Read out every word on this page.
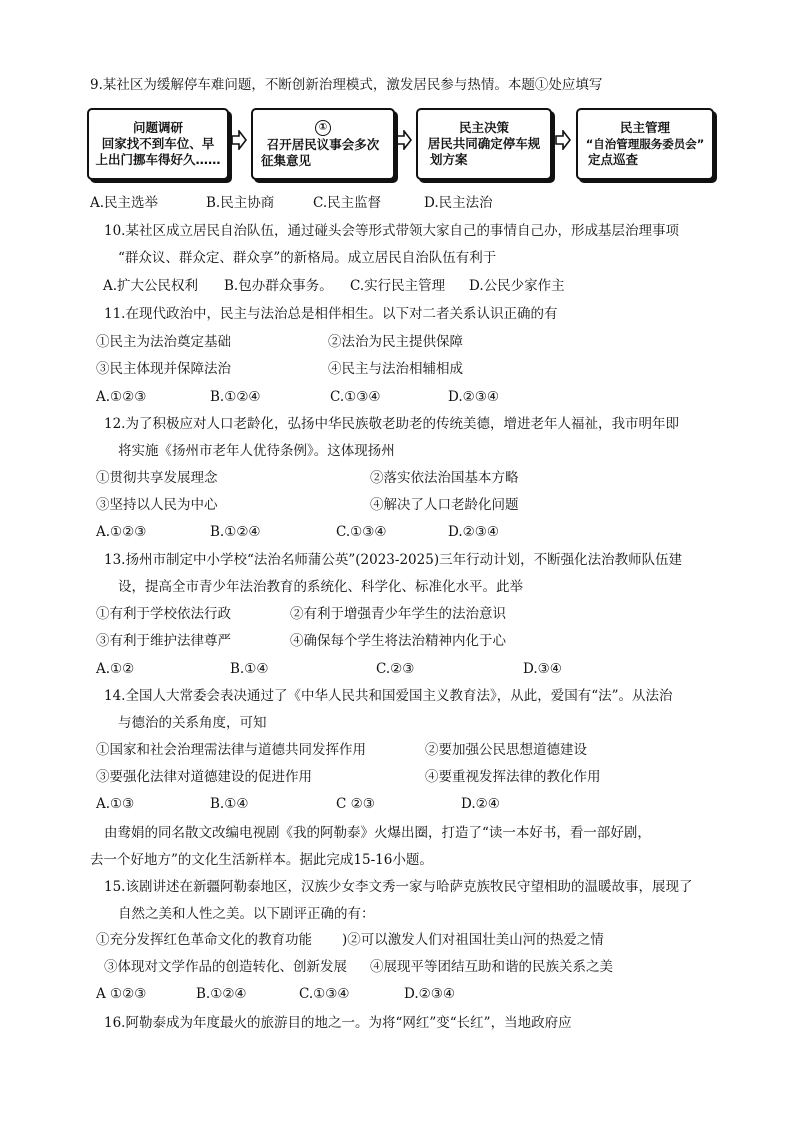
9.某社区为缓解停车难问题，不断创新治理模式，激发居民参与热情。本题①处应填写
问题调研
回家找不到车位、早
上出门挪车得好久……
①
召开居民议事会多次
征集意见
民主决策
居民共同确定停车规
划方案
民主管理
“自治管理服务委员会”
定点巡查
A.民主选举	B.民主协商	C.民主监督	D.民主法治
10.某社区成立居民自治队伍，通过碰头会等形式带领大家自己的事情自己办，形成基层治理事项
“群众议、群众定、群众享”的新格局。成立居民自治队伍有利于
A.扩大公民权利 B.包办群众事务。 C.实行民主管理 D.公民少家作主
11.在现代政治中，民主与法治总是相伴相生。以下对二者关系认识正确的有
①民主为法治奠定基础	②法治为民主提供保障
③民主体现并保障法治	④民主与法治相辅相成
A.①②③	B.①②④	C.①③④	D.②③④
12.为了积极应对人口老龄化，弘扬中华民族敬老助老的传统美德，增进老年人福祉，我市明年即
将实施《扬州市老年人优待条例》。这体现扬州
①贯彻共享发展理念	②落实依法治国基本方略
③坚持以人民为中心	④解决了人口老龄化问题
A.①②③	B.①②④	C.①③④	D.②③④
13.扬州市制定中小学校“法治名师蒲公英”(2023-2025)三年行动计划，不断强化法治教师队伍建
设，提高全市青少年法治教育的系统化、科学化、标准化水平。此举
①有利于学校依法行政	②有利于增强青少年学生的法治意识
③有利于维护法律尊严	④确保每个学生将法治精神内化于心
A.①②	B.①④	C.②③	D.③④
14.全国人大常委会表决通过了《中华人民共和国爱国主义教育法》，从此，爱国有“法”。从法治
与德治的关系角度，可知
①国家和社会治理需法律与道德共同发挥作用	②要加强公民思想道德建设
③要强化法律对道德建设的促进作用	④要重视发挥法律的教化作用
A.①③	B.①④	C ②③	D.②④
由鸯娟的同名散文改编电视剧《我的阿勒泰》火爆出圈，打造了“读一本好书，看一部好剧，
去一个好地方”的文化生活新样本。据此完成15-16小题。
15.该剧讲述在新疆阿勒泰地区，汉族少女李文秀一家与哈萨克族牧民守望相助的温暖故事，展现了
自然之美和人性之美。以下剧评正确的有：
①充分发挥红色革命文化的教育功能 )②可以激发人们对祖国壮美山河的热爱之情
③体现对文学作品的创造转化、创新发展 ④展现平等团结互助和谐的民族关系之美
A ①②③	B.①②④	C.①③④	D.②③④
16.阿勒泰成为年度最火的旅游目的地之一。为将“网红”变“长红”，当地政府应
